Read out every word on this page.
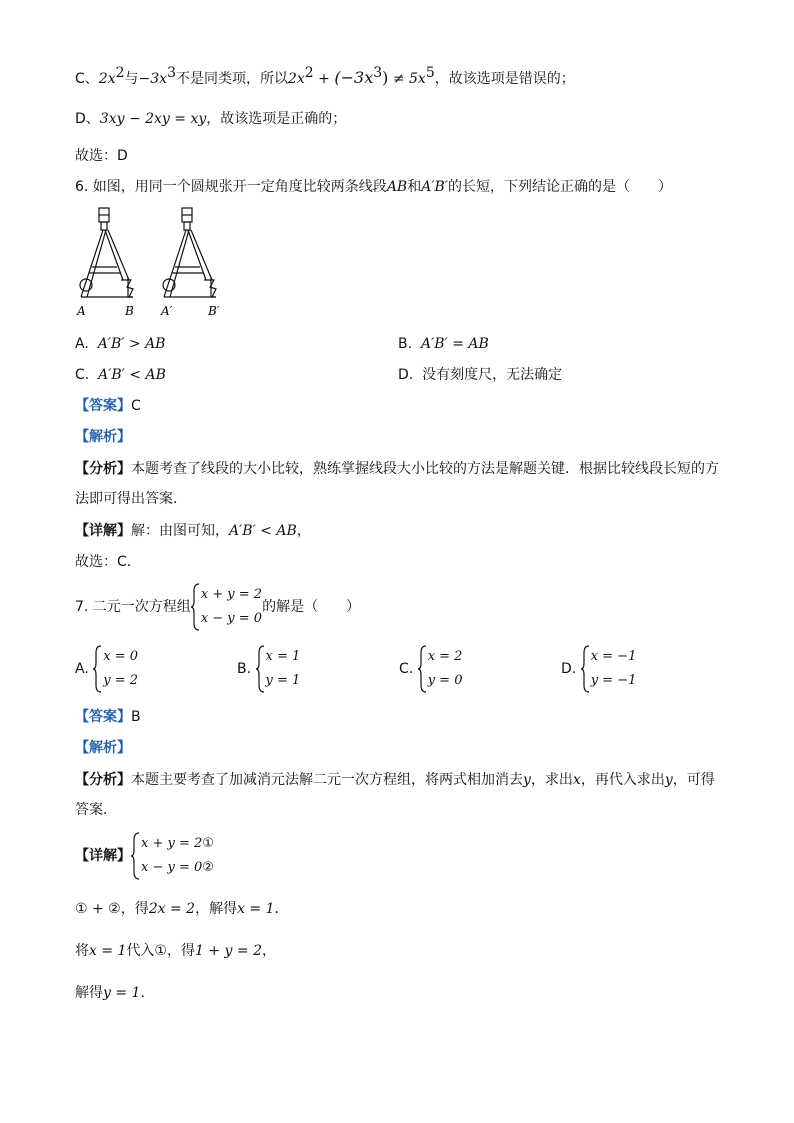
C、$2x^2$与$-3x^3$不是同类项，所以$2x^2 + (-3x^3) \ne 5x^5$，故该选项是错误的；
D、3xy − 2xy = xy，故该选项是正确的；
故选：D
6. 如图，用同一个圆规张开一定角度比较两条线段AB和A′B′的长短，下列结论正确的是（　　）
A	B A′	B′
A. A′B′ > AB	B. A′B′ = AB
C. A′B′ < AB	D. 没有刻度尺，无法确定
【答案】C
【解析】
【分析】本题考查了线段的大小比较，熟练掌握线段大小比较的方法是解题关键．根据比较线段长短的方
法即可得出答案．
【详解】解：由图可知，A′B′ < AB，
故选：C．
7. 二元一次方程组
x + y = 2
x − y = 0
的解是（　　）
A.
x = 0
y = 2
B.
x = 1
y = 1
C.
x = 2
y = 0
D.
x = −1
y = −1
【答案】B
【解析】
【分析】本题主要考查了加减消元法解二元一次方程组，将两式相加消去y，求出x，再代入求出y，可得
答案．
【详解】
x + y = 2①
x − y = 0②
① + ②，得2x = 2，解得x = 1．
将x = 1代入①，得1 + y = 2，
解得y = 1．
